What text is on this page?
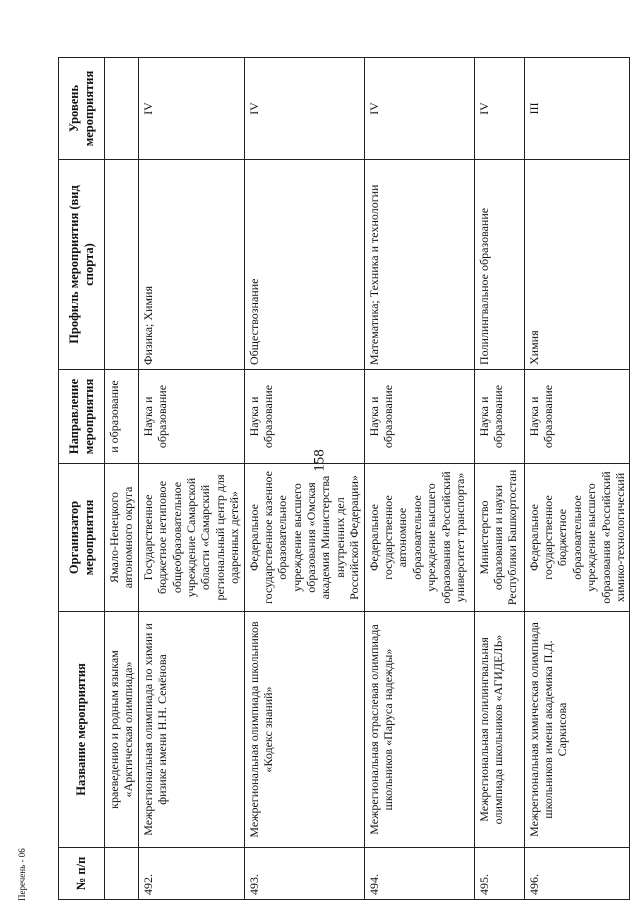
158
№ п/п	Название мероприятия	Организатор мероприятия	Направление мероприятия	Профиль мероприятия (вид спорта)	Уровень мероприятия
	краеведению и родным языкам «Арктическая олимпиада»	Ямало-Ненецкого автономного округа	и образование		
492.	Межрегиональная олимпиада по химии и физике имени Н.Н. Семёнова	Государственное бюджетное нетиповое общеобразовательное учреждение Самарской области «Самарский региональный центр для одаренных детей»	Наука и образование	Физика; Химия	IV
493.	Межрегиональная олимпиада школьников «Кодекс знаний»	Федеральное государственное казенное образовательное учреждение высшего образования «Омская академия Министерства внутренних дел Российской Федерации»	Наука и образование	Обществознание	IV
494.	Межрегиональная отраслевая олимпиада школьников «Паруса надежды»	Федеральное государственное автономное образовательное учреждение высшего образования «Российский университет транспорта»	Наука и образование	Математика; Техника и технологии	IV
495.	Межрегиональная полилингвальная олимпиада школьников «АГИДЕЛЬ»	Министерство образования и науки Республики Башкортостан	Наука и образование	Полилингвальное образование	IV
496.	Межрегиональная химическая олимпиада школьников имени академика П.Д. Саркисова	Федеральное государственное бюджетное образовательное учреждение высшего образования «Российский химико-технологический	Наука и образование	Химия	III
Перечень - 06
